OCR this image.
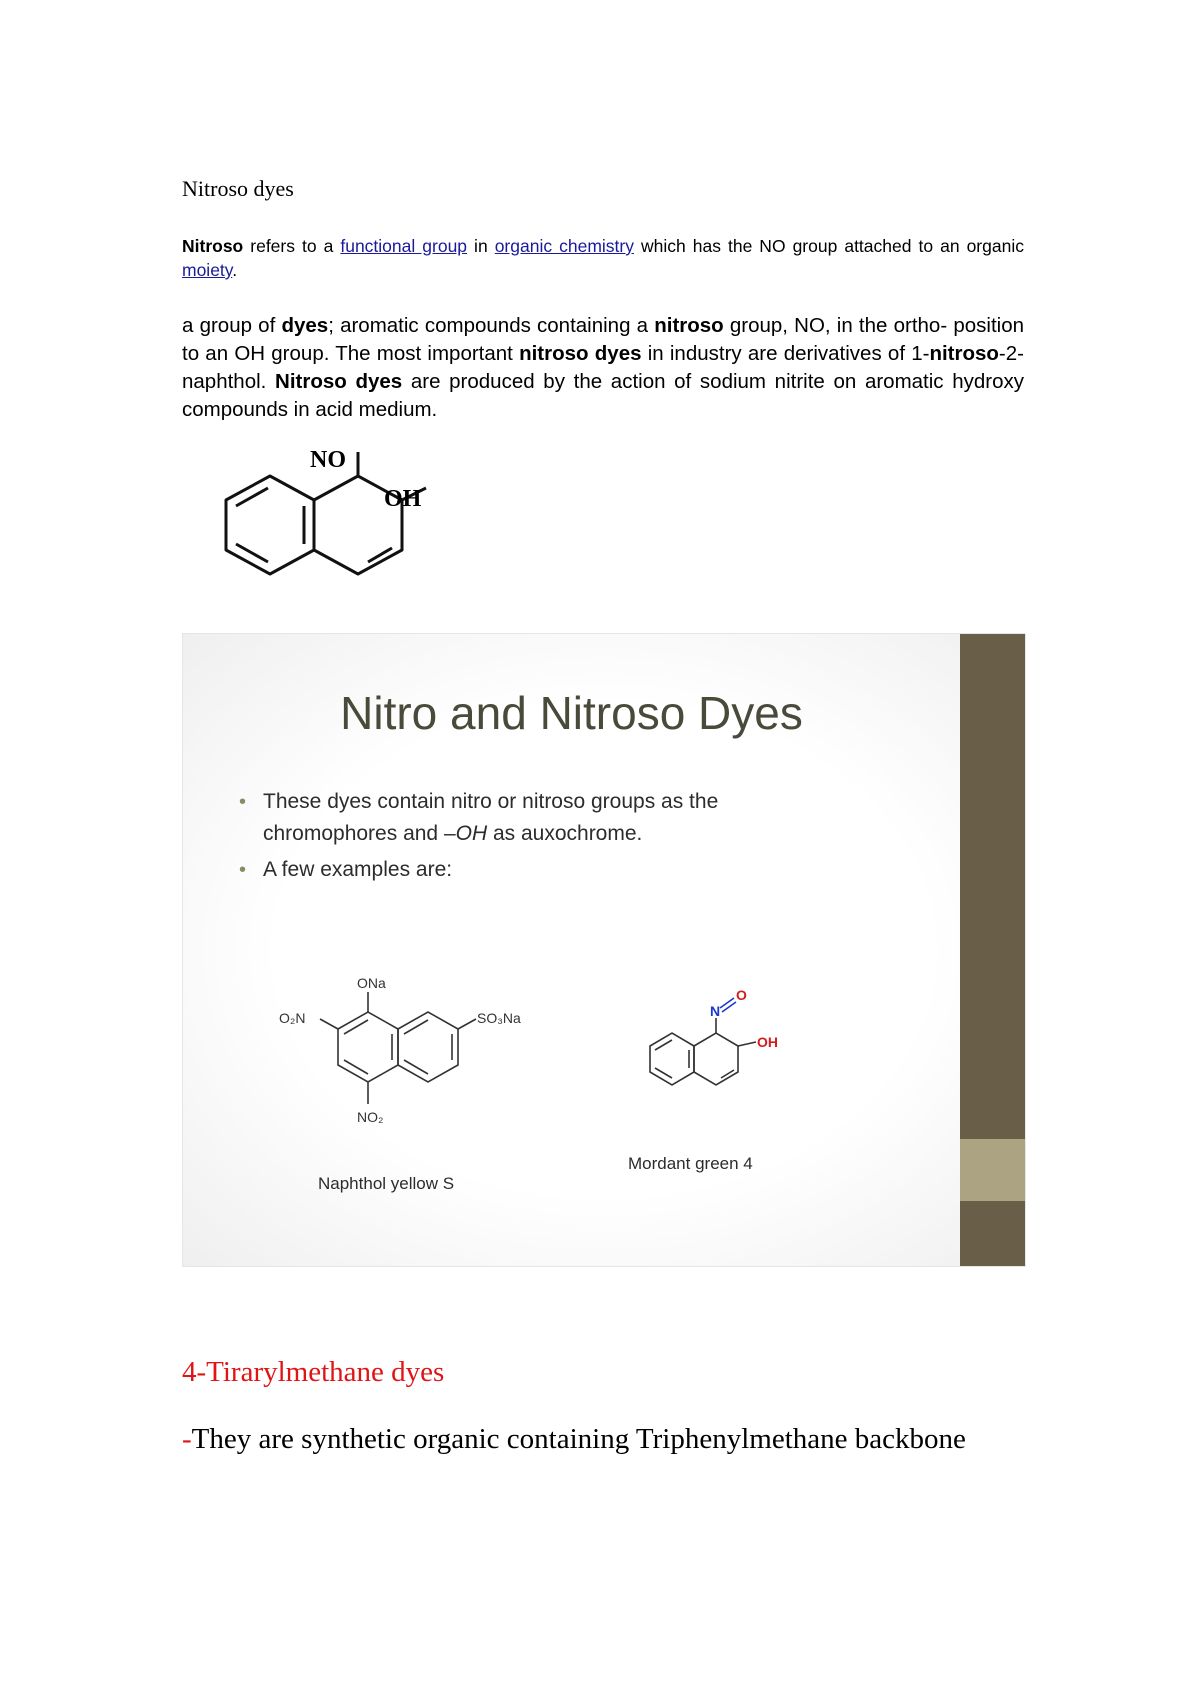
Nitroso dyes
Nitroso refers to a functional group in organic chemistry which has the NO group attached to an organic moiety.
a group of dyes; aromatic compounds containing a nitroso group, NO, in the ortho- position to an OH group. The most important nitroso dyes in industry are derivatives of 1-nitroso-2-naphthol. Nitroso dyes are produced by the action of sodium nitrite on aromatic hydroxy compounds in acid medium.
NO
OH
Nitro and Nitroso Dyes
• These dyes contain nitro or nitroso groups as the
chromophores and –OH as auxochrome.
• A few examples are:
ONa
O₂N	SO₃Na
NO₂
N
O
OH
Naphthol yellow S
Mordant green 4
4-Tirarylmethane dyes
-They are synthetic organic containing Triphenylmethane backbone
